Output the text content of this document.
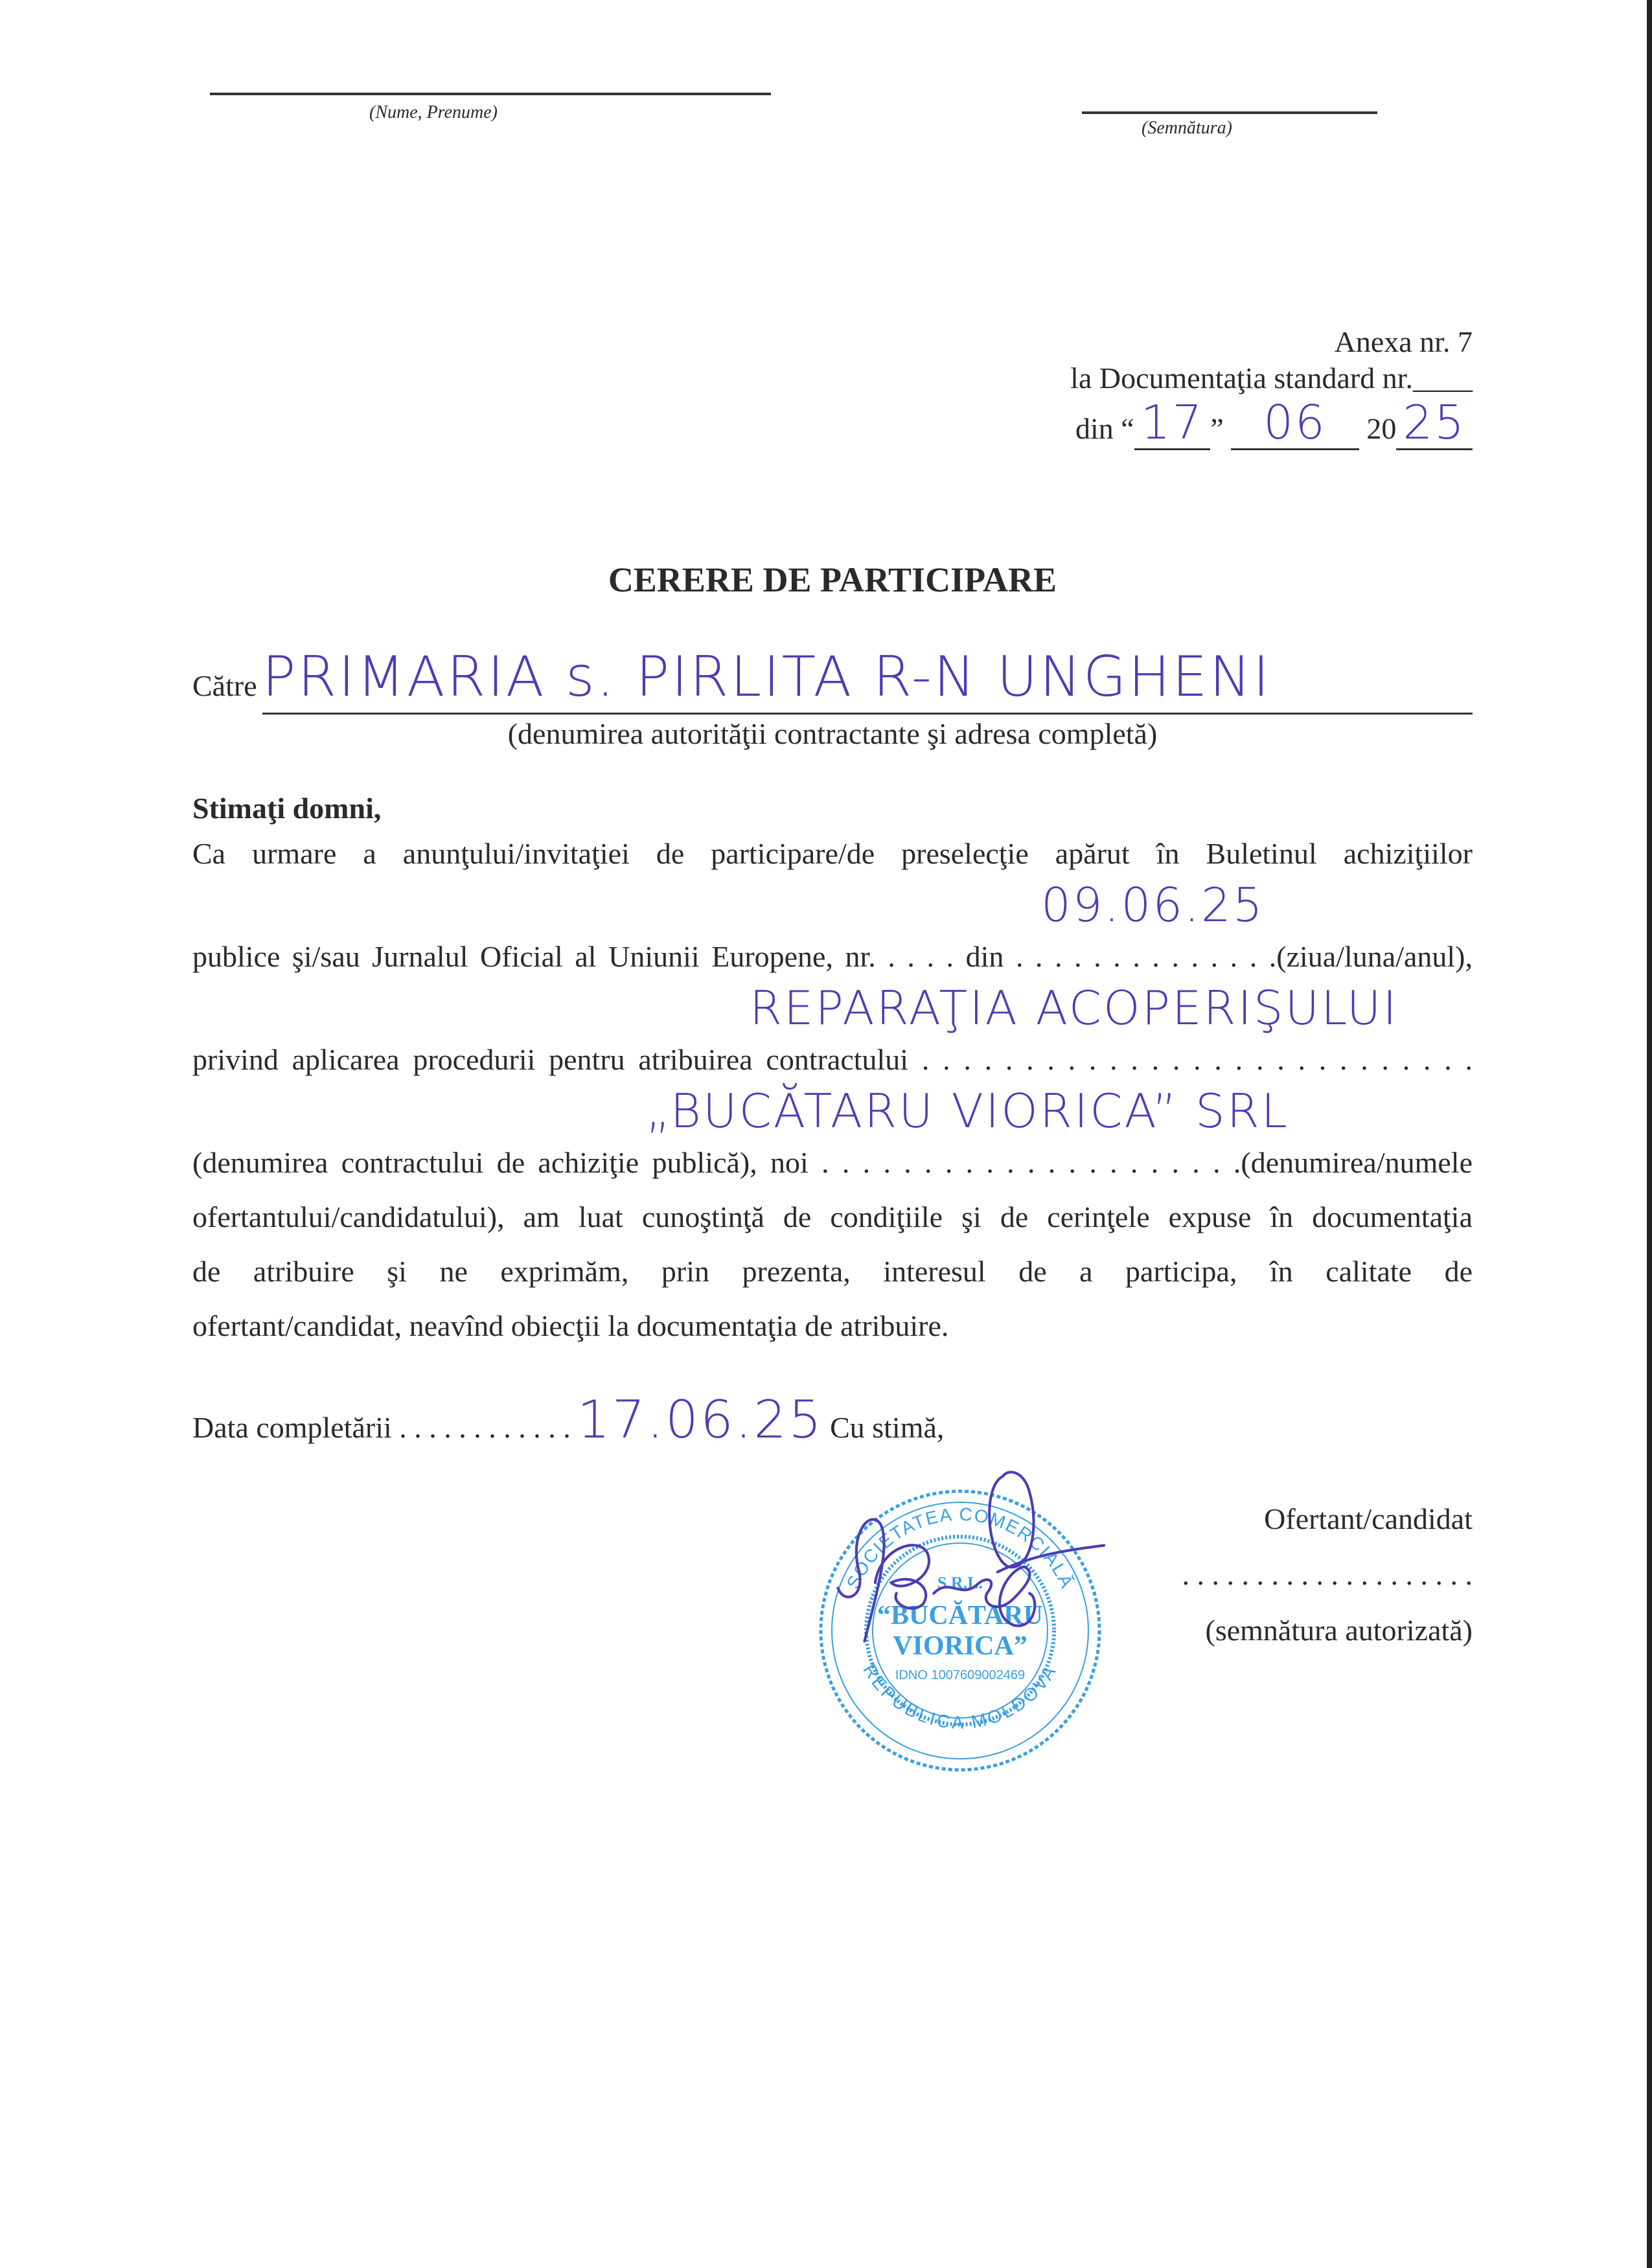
(Nume, Prenume)
(Semnătura)
Anexa nr. 7
la Documentaţia standard nr.____
din “ 17 ” 06 20 25
CERERE DE PARTICIPARE
Către PRIMARIA s. PIRLITA R-N UNGHENI
(denumirea autorităţii contractante şi adresa completă)
Stimaţi domni,
Ca urmare a anunţului/invitaţiei de participare/de preselecţie apărut în Buletinul achiziţiilor
09.06.25
publice şi/sau Jurnalul Oficial al Uniunii Europene, nr. . . . . din . . . . . . . . . . . . . .(ziua/luna/anul),
REPARAŢIA ACOPERIŞULUI
privind aplicarea procedurii pentru atribuirea contractului . . . . . . . . . . . . . . . . . . . . . . . . . . .
„BUCĂTARU VIORICA” SRL
(denumirea contractului de achiziţie publică), noi . . . . . . . . . . . . . . . . . . . . .(denumirea/numele
ofertantului/candidatului), am luat cunoştinţă de condiţiile şi de cerinţele expuse în documentaţia
de atribuire şi ne exprimăm, prin prezenta, interesul de a participa, în calitate de
ofertant/candidat, neavînd obiecţii la documentaţia de atribuire.
Data completării . . . . . . . . . . . . 17.06.25 Cu stimă,
SOCIETATEA COMERCIALĂ
REPUBLICA MOLDOVA
S.R.L.
“BUCĂTARU
VIORICA”
IDNO 1007609002469
Ofertant/candidat
. . . . . . . . . . . . . . . . . . . .
(semnătura autorizată)
